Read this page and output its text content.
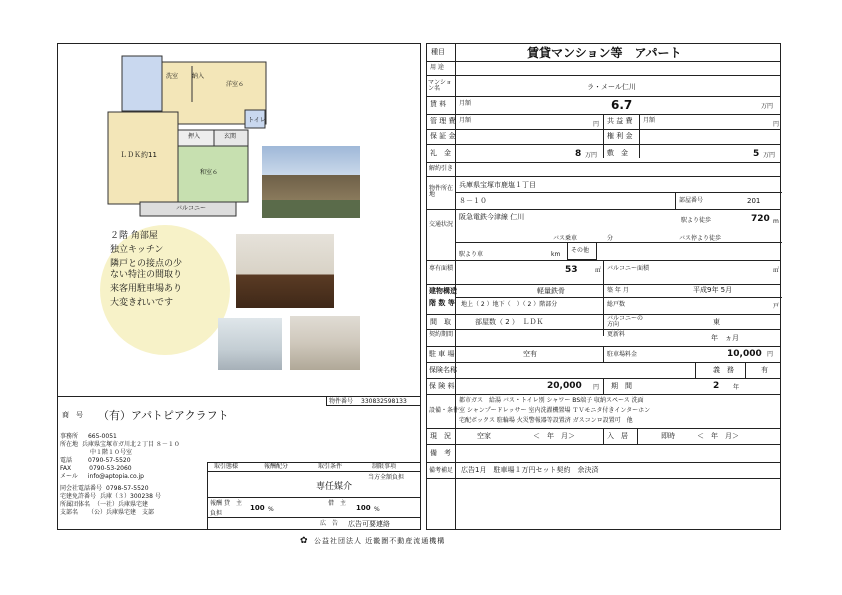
洗室 納入
洋室６
トイレ
ＬＤＫ約11
押入	玄関
和室６
バルコニー
２階 角部屋
独立キッチン
隣戸との接点の少
ない特注の間取り
来客用駐車場あり
大変きれいです
物件番号 330832598133
商　号 （有）アパトピアクラフト
事務所 665-0051
所在地 兵庫県宝塚市ガ川北２丁目 ８－１０
中１階１０号室
電話	0790-57-5520
FAX	0790-53-2060
メール info@aptopia.co.jp
同会社電話番号 0798-57-5520
宅建免許番号 兵庫（３）300238 号
所属団体名 （一社）兵庫県宅建
支部名 （公）兵庫県宅建　支部
取引態様	報酬配分	取引条件	制限事項
専任媒介
当方全額負担
報酬 貸　主
100 %
負担
借　主
100 %
広　告 広告可要連絡
種目	賃貸マンション等　アパート
用 途
マンション名	ラ・メール仁川
賃 料 月額	6.7	万円
管 理 費 月額
円 共 益 費 月額
円
保 証 金	権 利 金
礼　金	8 万円 敷　金	5 万円
解約引き
物件所在地
兵庫県宝塚市鹿塩１丁目
８－１０	部屋番号	201
交通状況
阪急電鉄今津線 仁川	駅より徒歩	720 m
バス乗車	分	バス停より徒歩
駅より車	km
その他
専有面積	53	㎡ バルコニー面積	㎡
建物構造	軽量鉄骨	築 年 月	平成9年 5月
階 数 等 地上（ 2 ）地下（　）（ 2 ）階部分	総戸数	戸
間　取	部屋数（ 2 ）　ＬＤＫ	バルコニーの方向	東
契約期間	更新料	年　ヵ月
駐 車 場	空有	駐車場料金	10,000 円
保険名称	義　務	有
保 険 料	20,000 円 期　間	2 年
設備・条件
都市ガス　給湯 バス・トイレ別 シャワー BS端子 収納スペース 洗面
室 シャンプードレッサー 室内洗濯機置場 ＴＶモニタ付きインターホン
宅配ボックス 駐輪場 火災警報器等設置済 ガスコンロ設置可　他
現　況	空家	＜　年　月＞	入　居	即時	＜　年　月＞
備　考
備考補足 広告1月　駐車場１万円セット契約　余決済
✿ 公益社団法人 近畿圏不動産流通機構
